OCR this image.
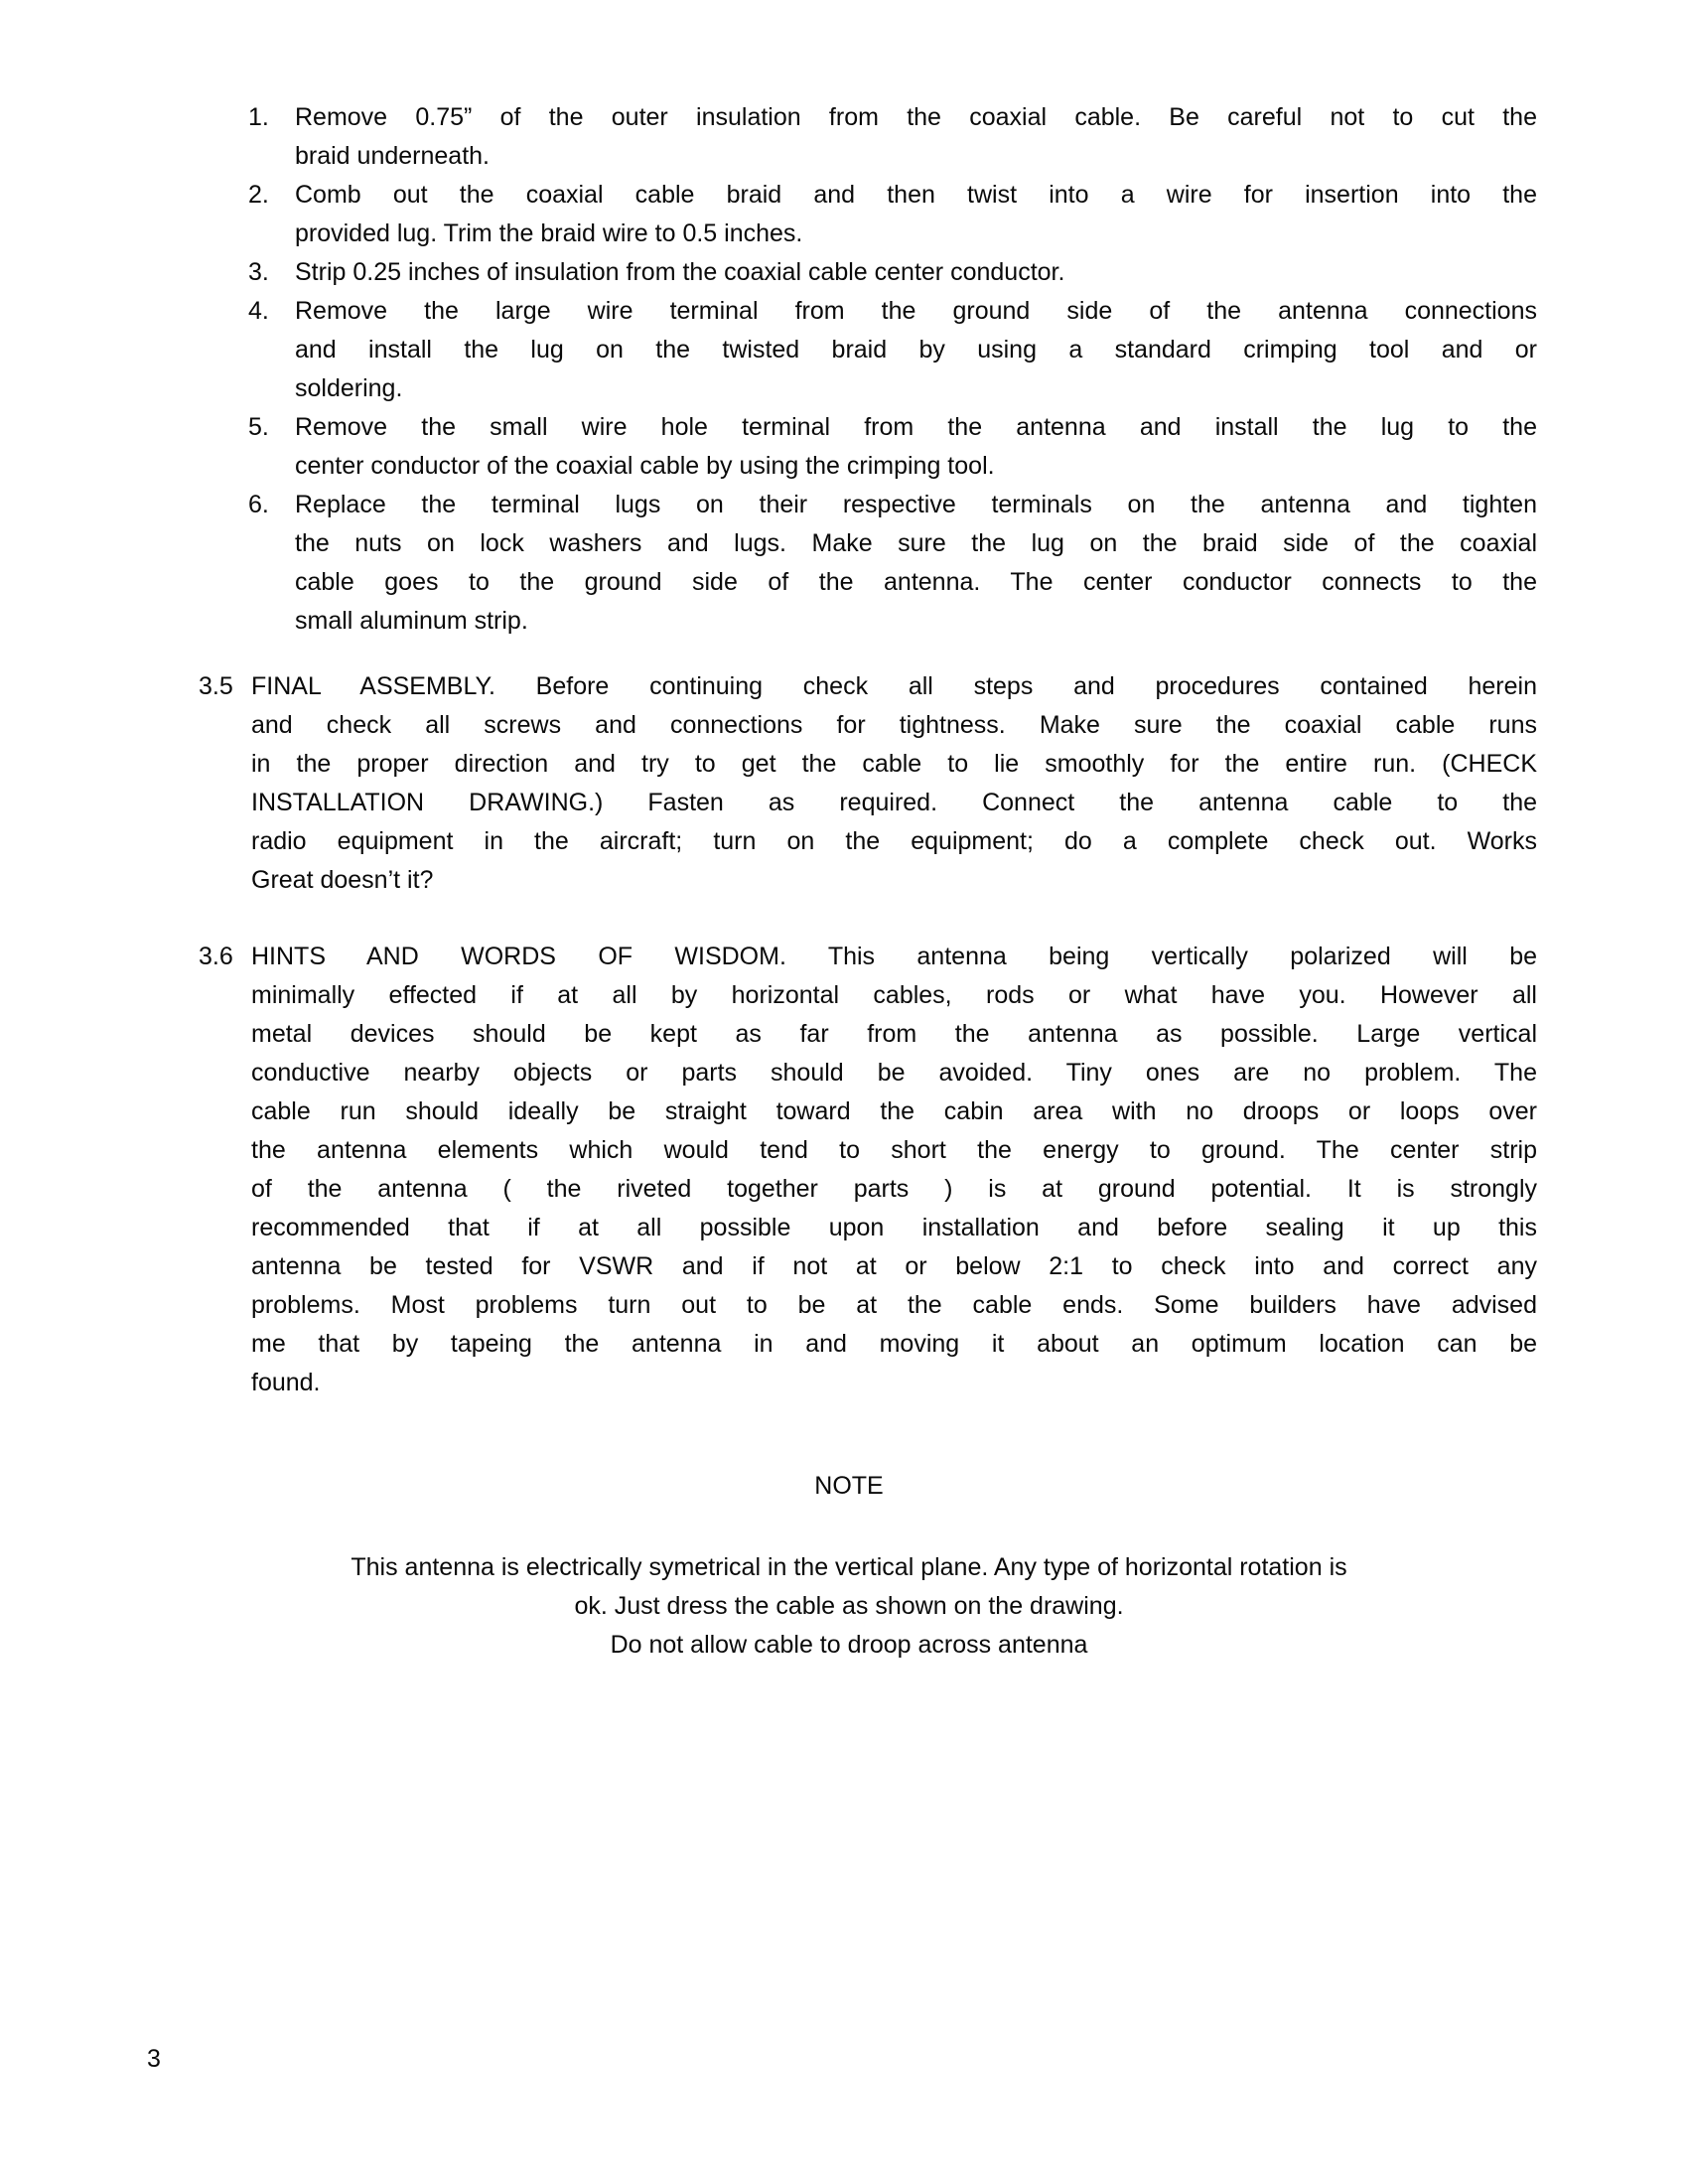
1.	Remove 0.75” of the outer insulation from the coaxial cable. Be careful not to cut the
braid underneath.
2.	Comb out the coaxial cable braid and then twist into a wire for insertion into the
provided lug. Trim the braid wire to 0.5 inches.
3.	Strip 0.25 inches of insulation from the coaxial cable center conductor.
4.	Remove the large wire terminal from the ground side of the antenna connections
and install the lug on the twisted braid by using a standard crimping tool and or
soldering.
5.	Remove the small wire hole terminal from the antenna and install the lug to the
center conductor of the coaxial cable by using the crimping tool.
6.	Replace the terminal lugs on their respective terminals on the antenna and tighten
the nuts on lock washers and lugs. Make sure the lug on the braid side of the coaxial
cable goes to the ground side of the antenna. The center conductor connects to the
small aluminum strip.
3.5 FINAL ASSEMBLY. Before continuing check all steps and procedures contained herein
and check all screws and connections for tightness. Make sure the coaxial cable runs
in the proper direction and try to get the cable to lie smoothly for the entire run. (CHECK
INSTALLATION DRAWING.) Fasten as required. Connect the antenna cable to the
radio equipment in the aircraft; turn on the equipment; do a complete check out. Works
Great doesn’t it?
3.6 HINTS AND WORDS OF WISDOM. This antenna being vertically polarized will be
minimally effected if at all by horizontal cables, rods or what have you. However all
metal devices should be kept as far from the antenna as possible. Large vertical
conductive nearby objects or parts should be avoided. Tiny ones are no problem. The
cable run should ideally be straight toward the cabin area with no droops or loops over
the antenna elements which would tend to short the energy to ground. The center strip
of the antenna ( the riveted together parts ) is at ground potential. It is strongly
recommended that if at all possible upon installation and before sealing it up this
antenna be tested for VSWR and if not at or below 2:1 to check into and correct any
problems. Most problems turn out to be at the cable ends. Some builders have advised
me that by tapeing the antenna in and moving it about an optimum location can be
found.
NOTE
This antenna is electrically symetrical in the vertical plane. Any type of horizontal rotation is
ok. Just dress the cable as shown on the drawing.
Do not allow cable to droop across antenna
3
